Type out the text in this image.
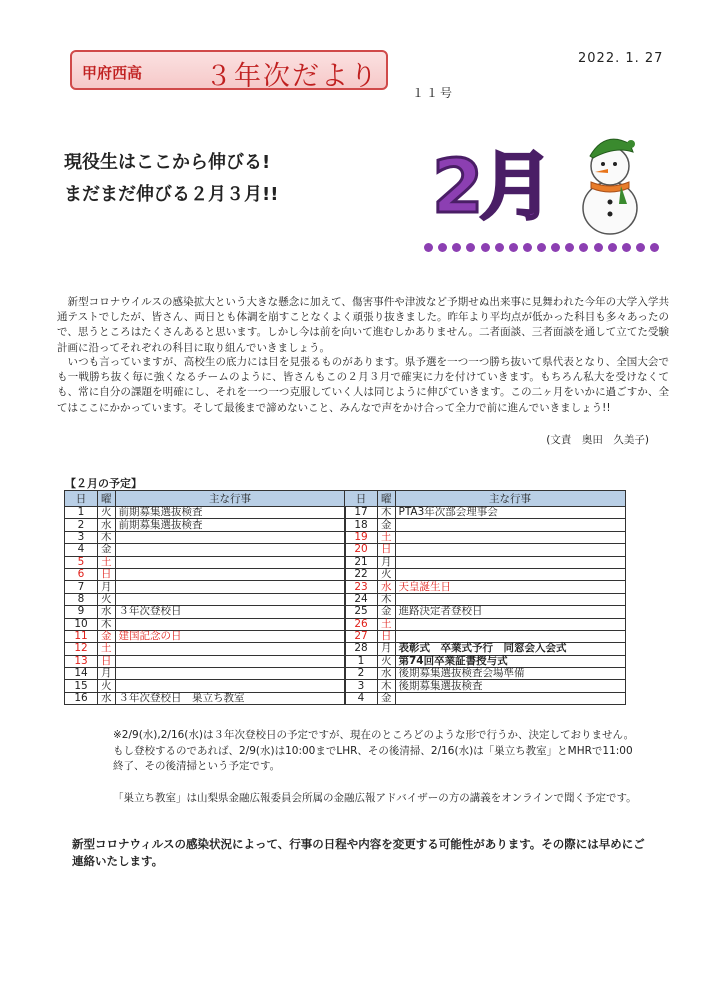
甲府西高 ３年次だより
2022. 1. 27
１１号
現役生はここから伸びる!
まだまだ伸びる２月３月!! 2月
新型コロナウイルスの感染拡大という大きな懸念に加えて、傷害事件や津波など予期せぬ出来事に見舞われた今年の大学入学共通テストでしたが、皆さん、両日とも体調を崩すことなくよく頑張り抜きました。昨年より平均点が低かった科目も多々あったので、思うところはたくさんあると思います。しかし今は前を向いて進むしかありません。二者面談、三者面談を通して立てた受験計画に沿ってそれぞれの科目に取り組んでいきましょう。
いつも言っていますが、高校生の底力には目を見張るものがあります。県予選を一つ一つ勝ち抜いて県代表となり、全国大会でも一戦勝ち抜く毎に強くなるチームのように、皆さんもこの２月３月で確実に力を付けていきます。もちろん私大を受けなくても、常に自分の課題を明確にし、それを一つ一つ克服していく人は同じように伸びていきます。この二ヶ月をいかに過ごすか、全てはここにかかっています。そして最後まで諦めないこと、みんなで声をかけ合って全力で前に進んでいきましょう!!
(文責　奥田　久美子)
【２月の予定】
日	曜	主な行事
1	火	前期募集選抜検査
2	水	前期募集選抜検査
3	木	
4	金	
5	土	
6	日	
7	月	
8	火	
9	水	３年次登校日
10	木	
11	金	建国記念の日
12	土	
13	日	
14	月	
15	火	
16	水	３年次登校日　巣立ち教室
日	曜	主な行事
17	木	PTA3年次部会理事会
18	金	
19	土	
20	日	
21	月	
22	火	
23	水	天皇誕生日
24	木	
25	金	進路決定者登校日
26	土	
27	日	
28	月	表彰式　卒業式予行　同窓会入会式
1	火	第74回卒業証書授与式
2	水	後期募集選抜検査会場準備
3	木	後期募集選抜検査
4	金	
※2/9(水),2/16(水)は３年次登校日の予定ですが、現在のところどのような形で行うか、決定しておりません。もし登校するのであれば、2/9(水)は10:00までLHR、その後清掃、2/16(水)は「巣立ち教室」とMHRで11:00終了、その後清掃という予定です。
「巣立ち教室」は山梨県金融広報委員会所属の金融広報アドバイザーの方の講義をオンラインで聞く予定です。
新型コロナウィルスの感染状況によって、行事の日程や内容を変更する可能性があります。その際には早めにご連絡いたします。
